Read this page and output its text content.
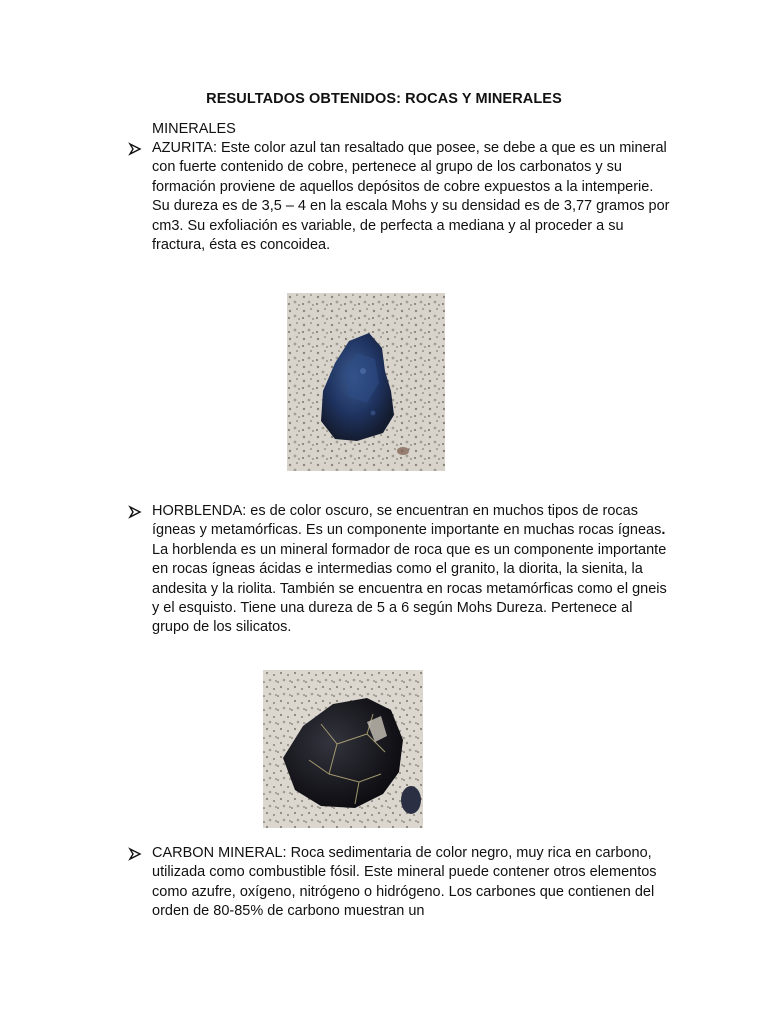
RESULTADOS OBTENIDOS: ROCAS Y MINERALES
MINERALES
AZURITA: Este color azul tan resaltado que posee, se debe a que es un mineral con fuerte contenido de cobre, pertenece al grupo de los carbonatos y su formación proviene de aquellos depósitos de cobre expuestos a la intemperie. Su dureza es de 3,5 – 4 en la escala Mohs y su densidad es de 3,77 gramos por cm3. Su exfoliación es variable, de perfecta a mediana y al proceder a su fractura, ésta es concoidea.
HORBLENDA: es de color oscuro, se encuentran en muchos tipos de rocas ígneas y metamórficas. Es un componente importante en muchas rocas ígneas.
La horblenda es un mineral formador de roca que es un componente importante en rocas ígneas ácidas e intermedias como el granito, la diorita, la sienita, la andesita y la riolita. También se encuentra en rocas metamórficas como el gneis y el esquisto. Tiene una dureza de 5 a 6 según Mohs Dureza. Pertenece al grupo de los silicatos.
CARBON MINERAL: Roca sedimentaria de color negro, muy rica en carbono, utilizada como combustible fósil. Este mineral puede contener otros elementos como azufre, oxígeno, nitrógeno o hidrógeno. Los carbones que contienen del orden de 80-85% de carbono muestran un
